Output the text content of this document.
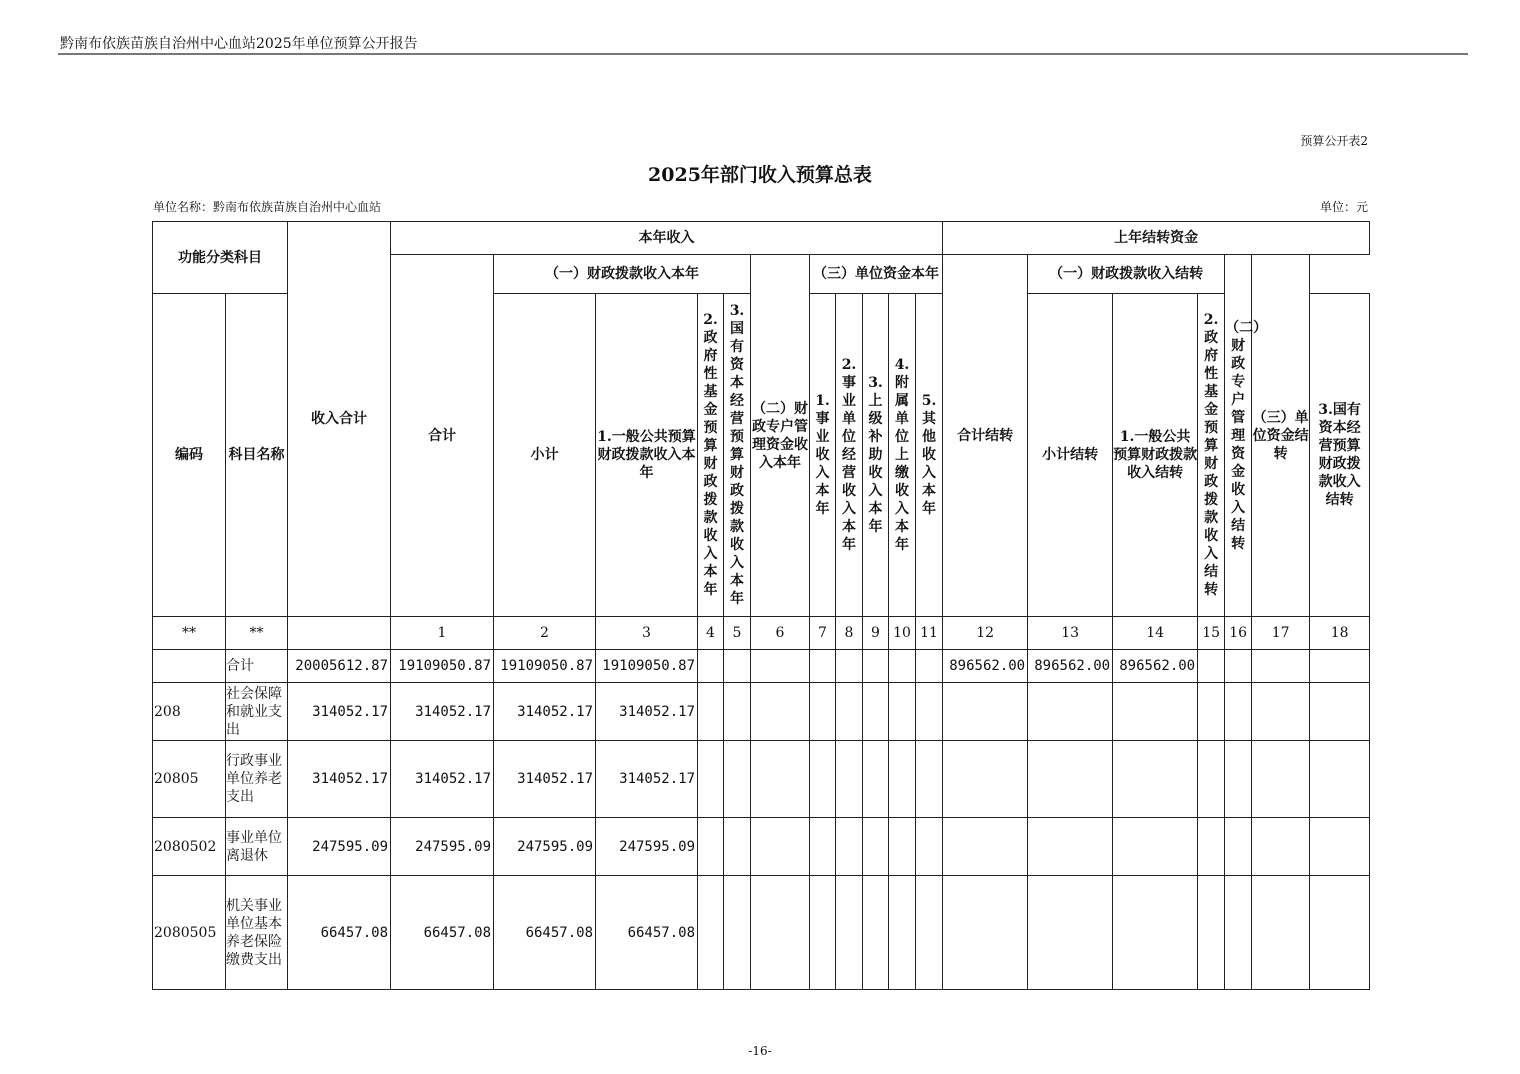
黔南布依族苗族自治州中心血站2025年单位预算公开报告
预算公开表2
2025年部门收入预算总表
单位名称：黔南布依族苗族自治州中心血站	单位：元
功能分类科目		收入合计	本年收入											上年结转资金						
			合计	（一）财政拨款收入本年				（二）财政专户管理资金收入本年	（三）单位资金本年					合计结转	（一）财政拨款收入结转			（二）财政专户管理资金收入结转	（三）单位资金结转	
编码	科目名称			小计	1.一般公共预算财政拨款收入本年	2.政府性基金预算财政拨款收入本年	3.国有资本经营预算财政拨款收入本年		1.事业收入本年	2.事业单位经营收入本年	3.上级补助收入本年	4.附属单位上缴收入本年	5.其他收入本年		小计结转	1.一般公共预算财政拨款收入结转	2.政府性基金预算财政拨款收入结转			3.国有资本经营预算财政拨款收入结转
**	**		1	2	3	4	5	6	7	8	9	10	11	12	13	14	15	16	17	18
	合计	20005612.87	19109050.87	19109050.87	19109050.87									896562.00	896562.00	896562.00				
208	社会保障和就业支出	314052.17	314052.17	314052.17	314052.17															
20805	行政事业单位养老支出	314052.17	314052.17	314052.17	314052.17															
2080502	事业单位离退休	247595.09	247595.09	247595.09	247595.09															
2080505	机关事业单位基本养老保险缴费支出	66457.08	66457.08	66457.08	66457.08															
-16-
